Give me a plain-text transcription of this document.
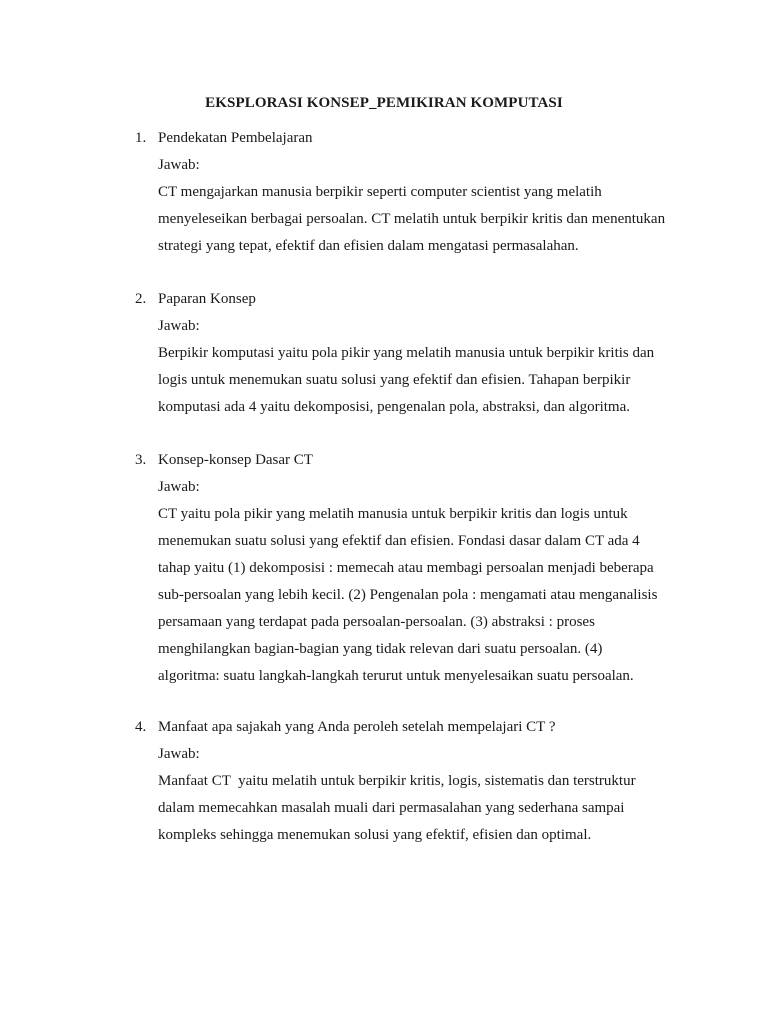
EKSPLORASI KONSEP_PEMIKIRAN KOMPUTASI
1. Pendekatan Pembelajaran

Jawab:

CT mengajarkan manusia berpikir seperti computer scientist yang melatih
menyeleseikan berbagai persoalan. CT melatih untuk berpikir kritis dan menentukan
strategi yang tepat, efektif dan efisien dalam mengatasi permasalahan.

2. Paparan Konsep

Jawab:

Berpikir komputasi yaitu pola pikir yang melatih manusia untuk berpikir kritis dan
logis untuk menemukan suatu solusi yang efektif dan efisien. Tahapan berpikir
komputasi ada 4 yaitu dekomposisi, pengenalan pola, abstraksi, dan algoritma.

3. Konsep-konsep Dasar CT

Jawab:

CT yaitu pola pikir yang melatih manusia untuk berpikir kritis dan logis untuk
menemukan suatu solusi yang efektif dan efisien. Fondasi dasar dalam CT ada 4
tahap yaitu (1) dekomposisi : memecah atau membagi persoalan menjadi beberapa
sub-persoalan yang lebih kecil. (2) Pengenalan pola : mengamati atau menganalisis
persamaan yang terdapat pada persoalan-persoalan. (3) abstraksi : proses
menghilangkan bagian-bagian yang tidak relevan dari suatu persoalan. (4)
algoritma: suatu langkah-langkah terurut untuk menyelesaikan suatu persoalan.

4. Manfaat apa sajakah yang Anda peroleh setelah mempelajari CT ?

Jawab:

Manfaat CT  yaitu melatih untuk berpikir kritis, logis, sistematis dan terstruktur
dalam memecahkan masalah muali dari permasalahan yang sederhana sampai
kompleks sehingga menemukan solusi yang efektif, efisien dan optimal.
